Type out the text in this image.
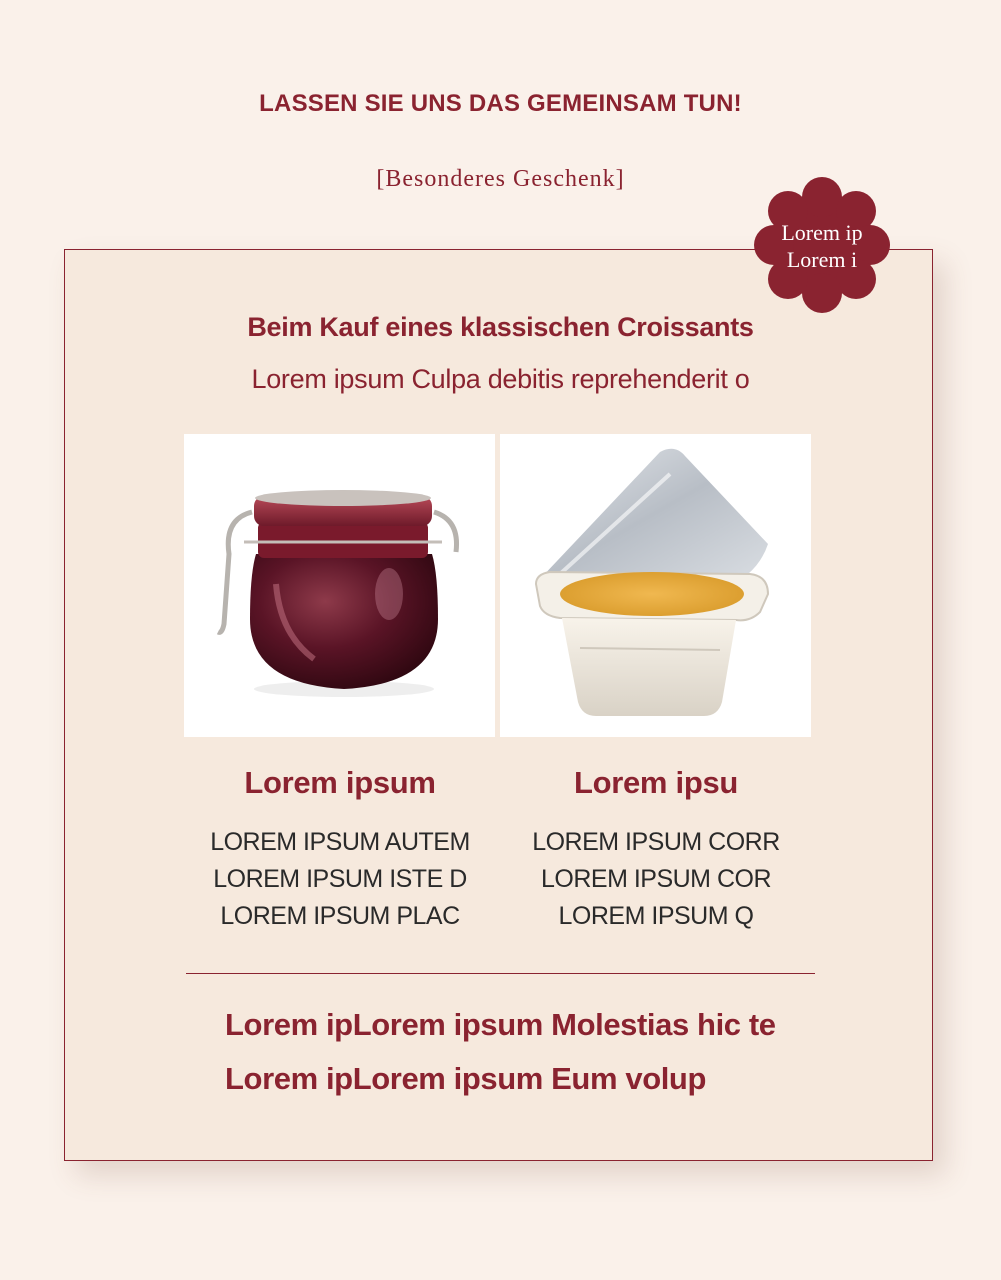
LASSEN SIE UNS DAS GEMEINSAM TUN!
[Besonderes Geschenk]
Lorem ip
Lorem i
Beim Kauf eines klassischen Croissants
Lorem ipsum Culpa debitis reprehenderit o
Lorem ipsum
LOREM IPSUM AUTEM
LOREM IPSUM ISTE D
LOREM IPSUM PLAC
Lorem ipsu
LOREM IPSUM CORR
LOREM IPSUM COR
LOREM IPSUM Q
Lorem ipLorem ipsum Molestias hic te
Lorem ipLorem ipsum Eum volup
